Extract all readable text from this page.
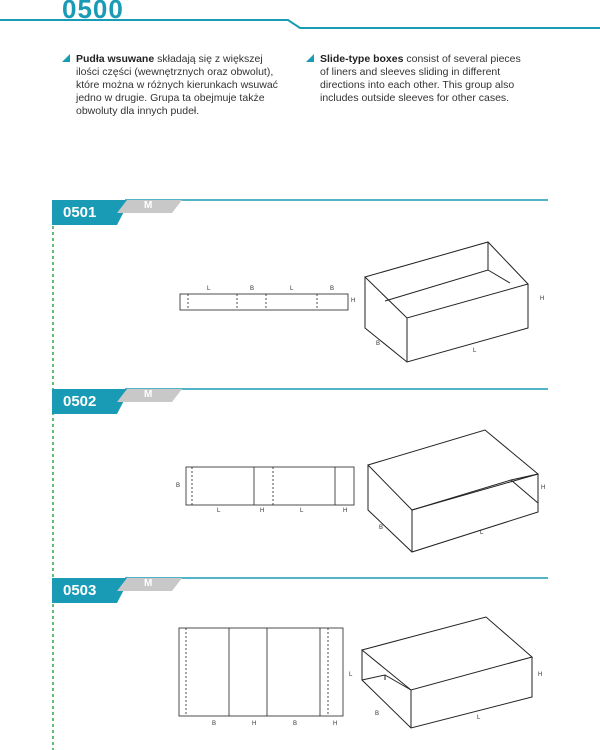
0500
Pudła wsuwane składają się z większej ilości części (wewnętrznych oraz obwolut), które można w różnych kierunkach wsuwać jedno w drugie. Grupa ta obejmuje także obwoluty dla innych pudeł.
Slide-type boxes consist of several pieces of liners and sleeves sliding in different directions into each other. This group also includes outside sleeves for other cases.
0501	M
L	B	L	B
H	H
B
L
0502	M
B
L	H	L	H
H
B
L
0503	M
B	H	B	H
L	H
B
L
